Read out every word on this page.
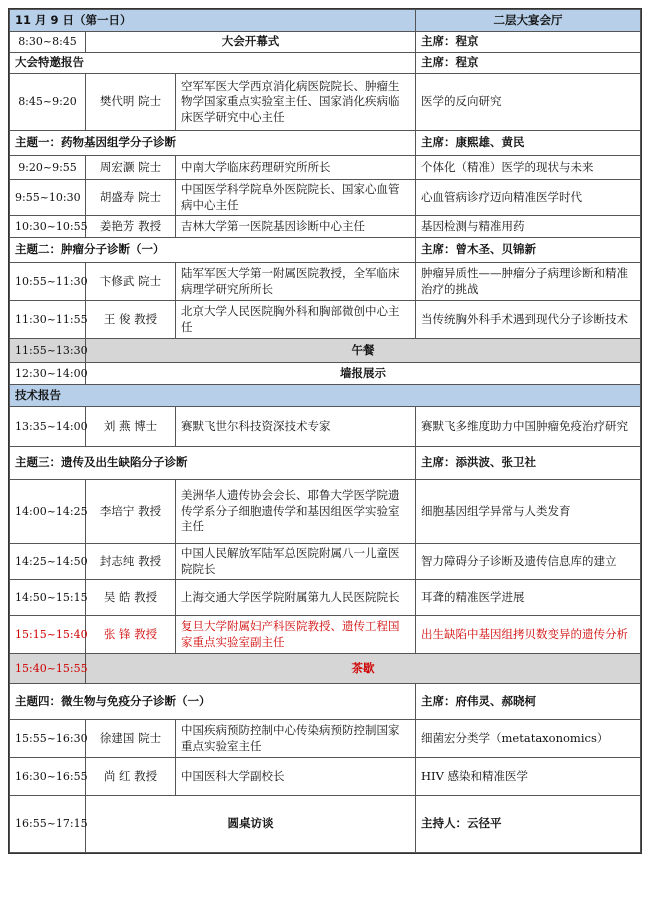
11 月 9 日（第一日）			二层大宴会厅
8:30~8:45	大会开幕式		主席：程京
大会特邀报告			主席：程京
8:45~9:20	樊代明 院士	空军军医大学西京消化病医院院长、肿瘤生物学国家重点实验室主任、国家消化疾病临床医学研究中心主任	医学的反向研究
主题一：药物基因组学分子诊断			主席：康熙雄、黄民
9:20~9:55	周宏灏 院士	中南大学临床药理研究所所长	个体化（精准）医学的现状与未来
9:55~10:30	胡盛寿 院士	中国医学科学院阜外医院院长、国家心血管病中心主任	心血管病诊疗迈向精准医学时代
10:30~10:55	姜艳芳 教授	吉林大学第一医院基因诊断中心主任	基因检测与精准用药
主题二：肿瘤分子诊断（一）			主席：曾木圣、贝锦新
10:55~11:30	卞修武 院士	陆军军医大学第一附属医院教授，全军临床病理学研究所所长	肿瘤异质性——肿瘤分子病理诊断和精准治疗的挑战
11:30~11:55	王 俊 教授	北京大学人民医院胸外科和胸部微创中心主任	当传统胸外科手术遇到现代分子诊断技术
11:55~13:30	午餐		
12:30~14:00	墙报展示		
技术报告			
13:35~14:00	刘 燕 博士	赛默飞世尔科技资深技术专家	赛默飞多维度助力中国肿瘤免疫治疗研究
主题三：遗传及出生缺陷分子诊断			主席：添洪波、张卫社
14:00~14:25	李培宁 教授	美洲华人遗传协会会长、耶鲁大学医学院遗传学系分子细胞遗传学和基因组医学实验室主任	细胞基因组学异常与人类发育
14:25~14:50	封志纯 教授	中国人民解放军陆军总医院附属八一儿童医院院长	智力障碍分子诊断及遗传信息库的建立
14:50~15:15	吴 皓 教授	上海交通大学医学院附属第九人民医院院长	耳聋的精准医学进展
15:15~15:40	张 锋 教授	复旦大学附属妇产科医院教授、遗传工程国家重点实验室副主任	出生缺陷中基因组拷贝数变异的遗传分析
15:40~15:55	茶歇		
主题四：微生物与免疫分子诊断（一）			主席：府伟灵、郝晓柯
15:55~16:30	徐建国 院士	中国疾病预防控制中心传染病预防控制国家重点实验室主任	细菌宏分类学（metataxonomics）
16:30~16:55	尚 红 教授	中国医科大学副校长	HIV 感染和精准医学
16:55~17:15	圆桌访谈		主持人：云径平
